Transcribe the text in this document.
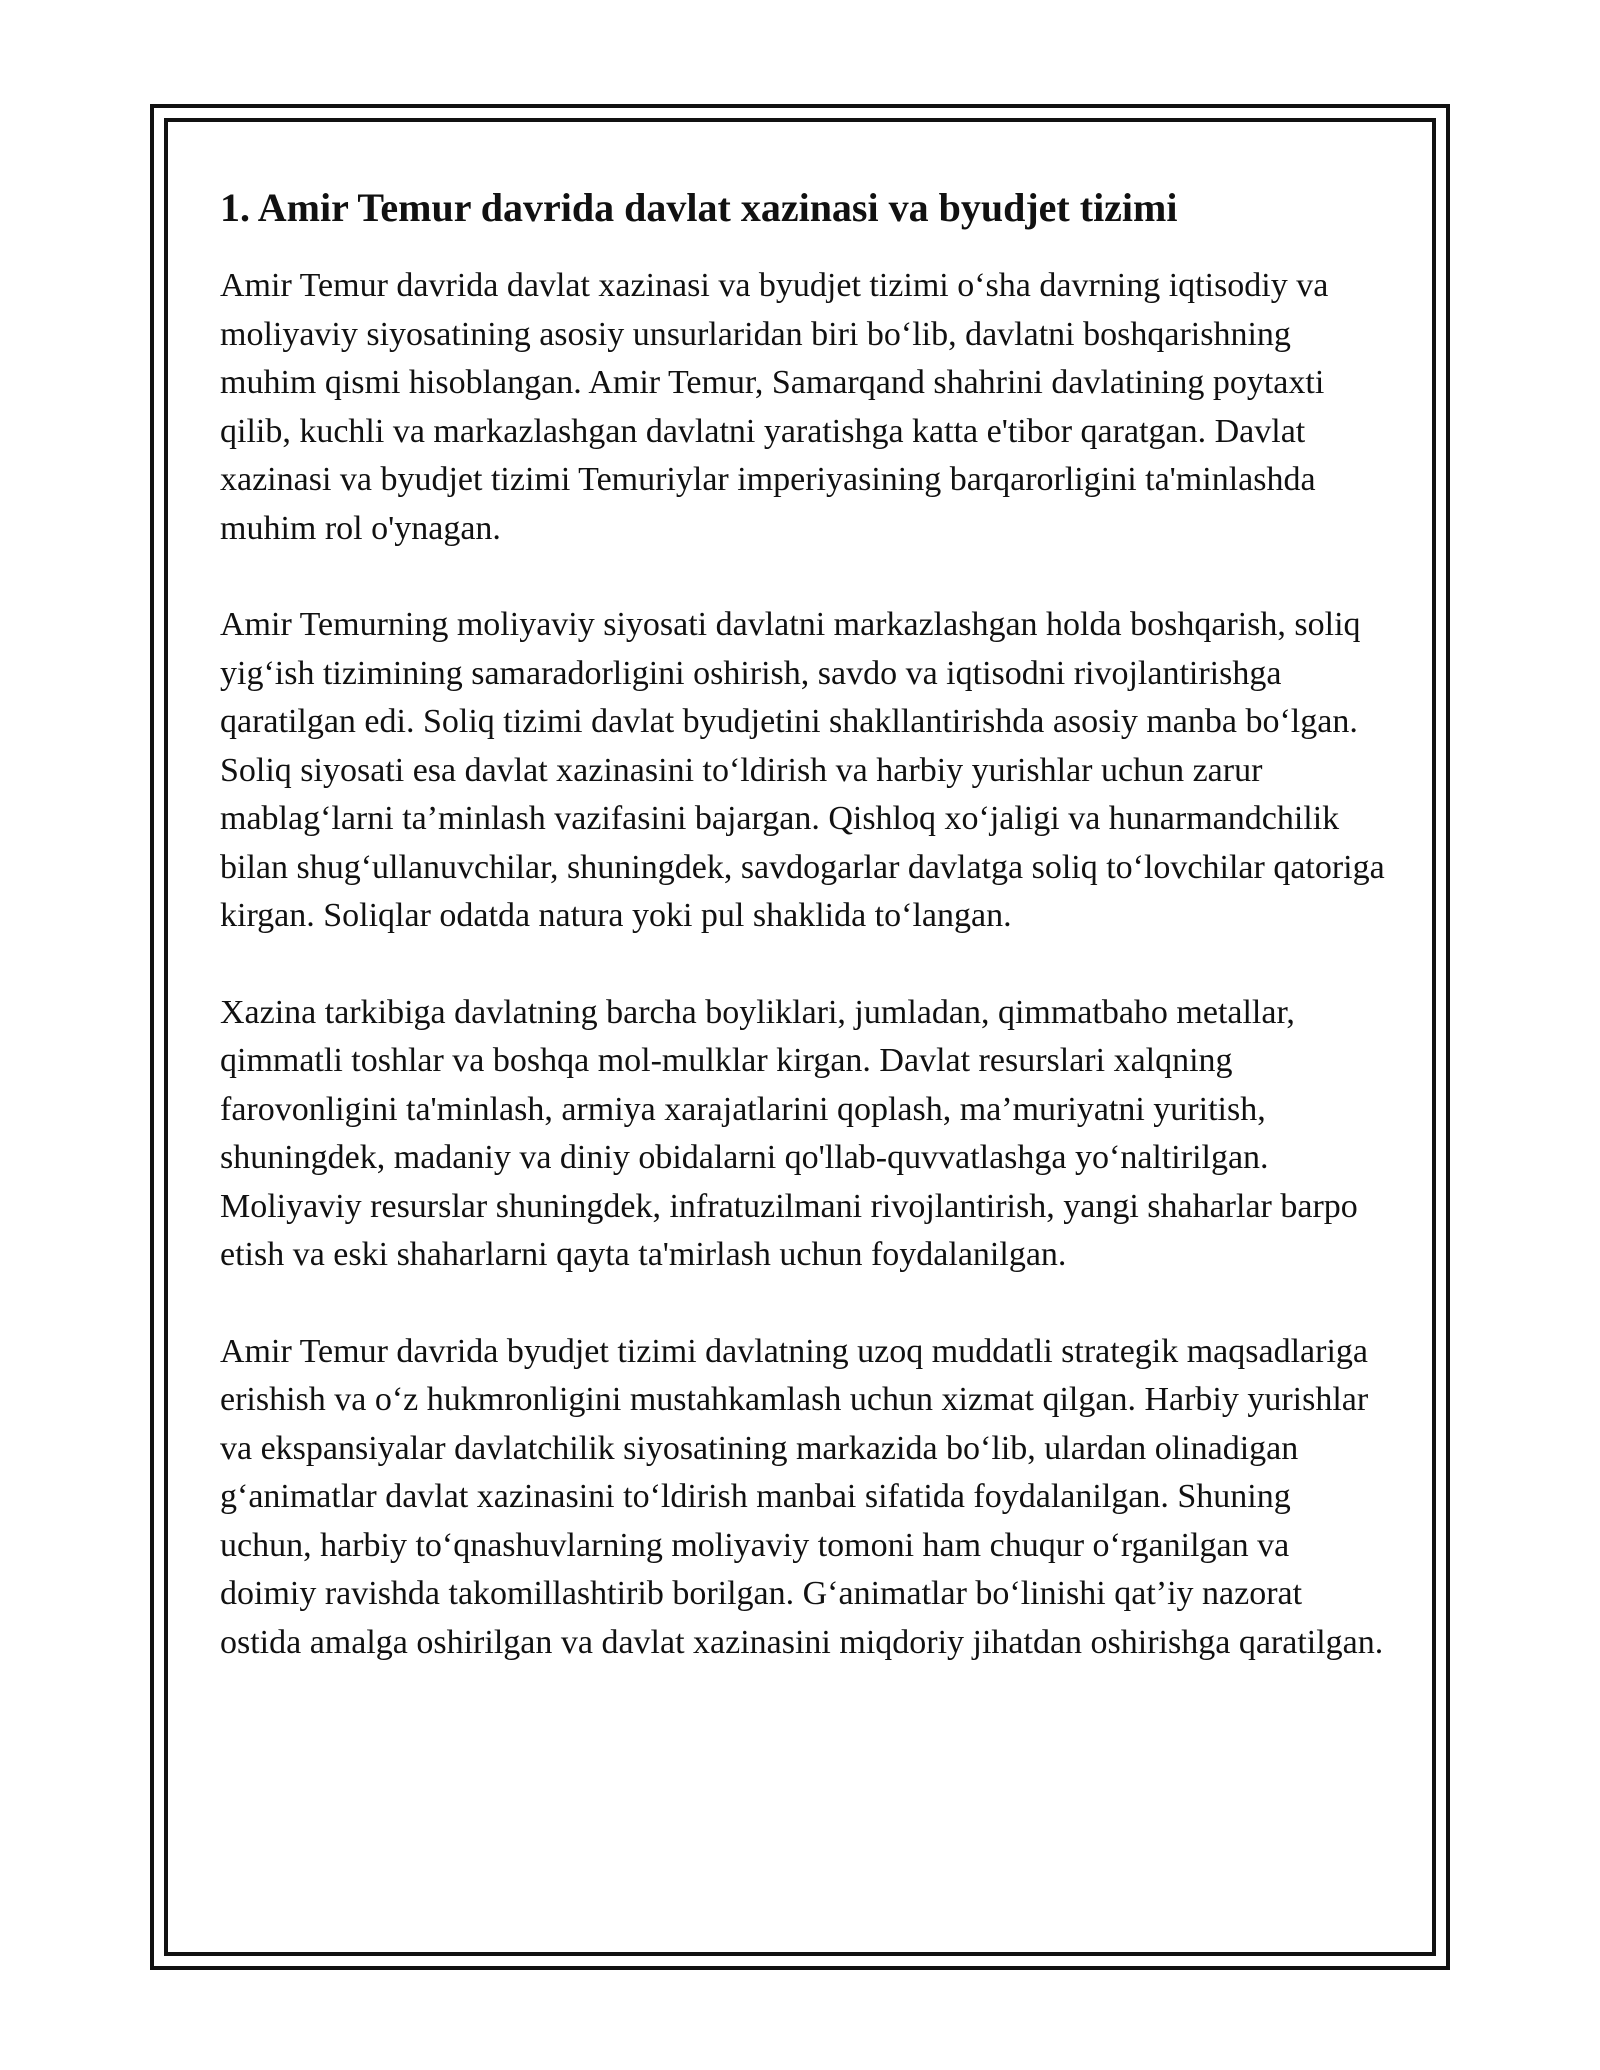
1. Amir Temur davrida davlat xazinasi va byudjet tizimi

Amir Temur davrida davlat xazinasi va byudjet tizimi o‘sha davrning iqtisodiy va moliyaviy siyosatining asosiy unsurlaridan biri bo‘lib, davlatni boshqarishning muhim qismi hisoblangan. Amir Temur, Samarqand shahrini davlatining poytaxti qilib, kuchli va markazlashgan davlatni yaratishga katta e'tibor qaratgan. Davlat xazinasi va byudjet tizimi Temuriylar imperiyasining barqarorligini ta'minlashda muhim rol o'ynagan.

Amir Temurning moliyaviy siyosati davlatni markazlashgan holda boshqarish, soliq yig‘ish tizimining samaradorligini oshirish, savdo va iqtisodni rivojlantirishga qaratilgan edi. Soliq tizimi davlat byudjetini shakllantirishda asosiy manba bo‘lgan. Soliq siyosati esa davlat xazinasini to‘ldirish va harbiy yurishlar uchun zarur mablag‘larni ta’minlash vazifasini bajargan. Qishloq xo‘jaligi va hunarmandchilik bilan shug‘ullanuvchilar, shuningdek, savdogarlar davlatga soliq to‘lovchilar qatoriga kirgan. Soliqlar odatda natura yoki pul shaklida to‘langan.

Xazina tarkibiga davlatning barcha boyliklari, jumladan, qimmatbaho metallar, qimmatli toshlar va boshqa mol-mulklar kirgan. Davlat resurslari xalqning farovonligini ta'minlash, armiya xarajatlarini qoplash, ma’muriyatni yuritish, shuningdek, madaniy va diniy obidalarni qo'llab-quvvatlashga yo‘naltirilgan. Moliyaviy resurslar shuningdek, infratuzilmani rivojlantirish, yangi shaharlar barpo etish va eski shaharlarni qayta ta'mirlash uchun foydalanilgan.

Amir Temur davrida byudjet tizimi davlatning uzoq muddatli strategik maqsadlariga erishish va o‘z hukmronligini mustahkamlash uchun xizmat qilgan. Harbiy yurishlar va ekspansiyalar davlatchilik siyosatining markazida bo‘lib, ulardan olinadigan g‘animatlar davlat xazinasini to‘ldirish manbai sifatida foydalanilgan. Shuning uchun, harbiy to‘qnashuvlarning moliyaviy tomoni ham chuqur o‘rganilgan va doimiy ravishda takomillashtirib borilgan. G‘animatlar bo‘linishi qat’iy nazorat ostida amalga oshirilgan va davlat xazinasini miqdoriy jihatdan oshirishga qaratilgan.
